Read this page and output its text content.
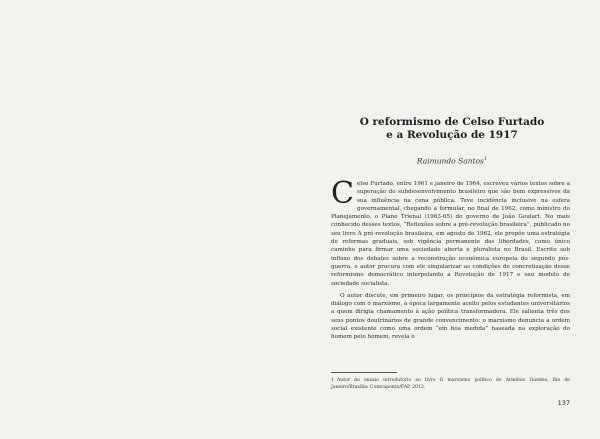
O reformismo de Celso Furtado
e a Revolução de 1917
Raimundo Santos$^1$

Celso Furtado, entre 1961 e janeiro de 1964, escreveu vários textos sobre a superação do subdesenvolvimento brasileiro que são bem expressivos da sua influência na cena pública. Teve incidência inclusive na esfera governamental, chegando a formular, no final de 1962, como ministro do Planejamento, o Plano Trienal (1963-65) do governo de João Goulart. No mais conhecido desses textos, “Reflexões sobre a pré-revolução brasileira”, publicado no seu livro A pré-revolução brasileira, em agosto de 1962, ele propõe uma estratégia de reformas graduais, sob vigência permanente das liberdades, como único caminho para firmar uma sociedade aberta e pluralista no Brasil. Escrito sob influxo dos debates sobre a reconstrução econômica europeia do segundo pós-guerra, o autor procura com ele singularizar as condições de concretização desse reformismo democrático interpelando a Revolução de 1917 e seu modelo de sociedade socialista.

O autor discute, em primeiro lugar, os princípios da estratégia reformista, em diálogo com o marxismo, à época largamente aceito pelos estudantes universitários a quem dirigia chamamento à ação política transformadora. Ele salienta três dos seus pontos doutrinários de grande convencimento: o marxismo denuncia a ordem social existente como uma ordem “em boa medida” baseada na exploração do homem pelo homem, revela o

1 Autor do ensaio introdutório ao livro O marxismo político de Armênio Guedes, Rio de Janeiro/Brasília: Contraponto/FAP, 2012.
137
